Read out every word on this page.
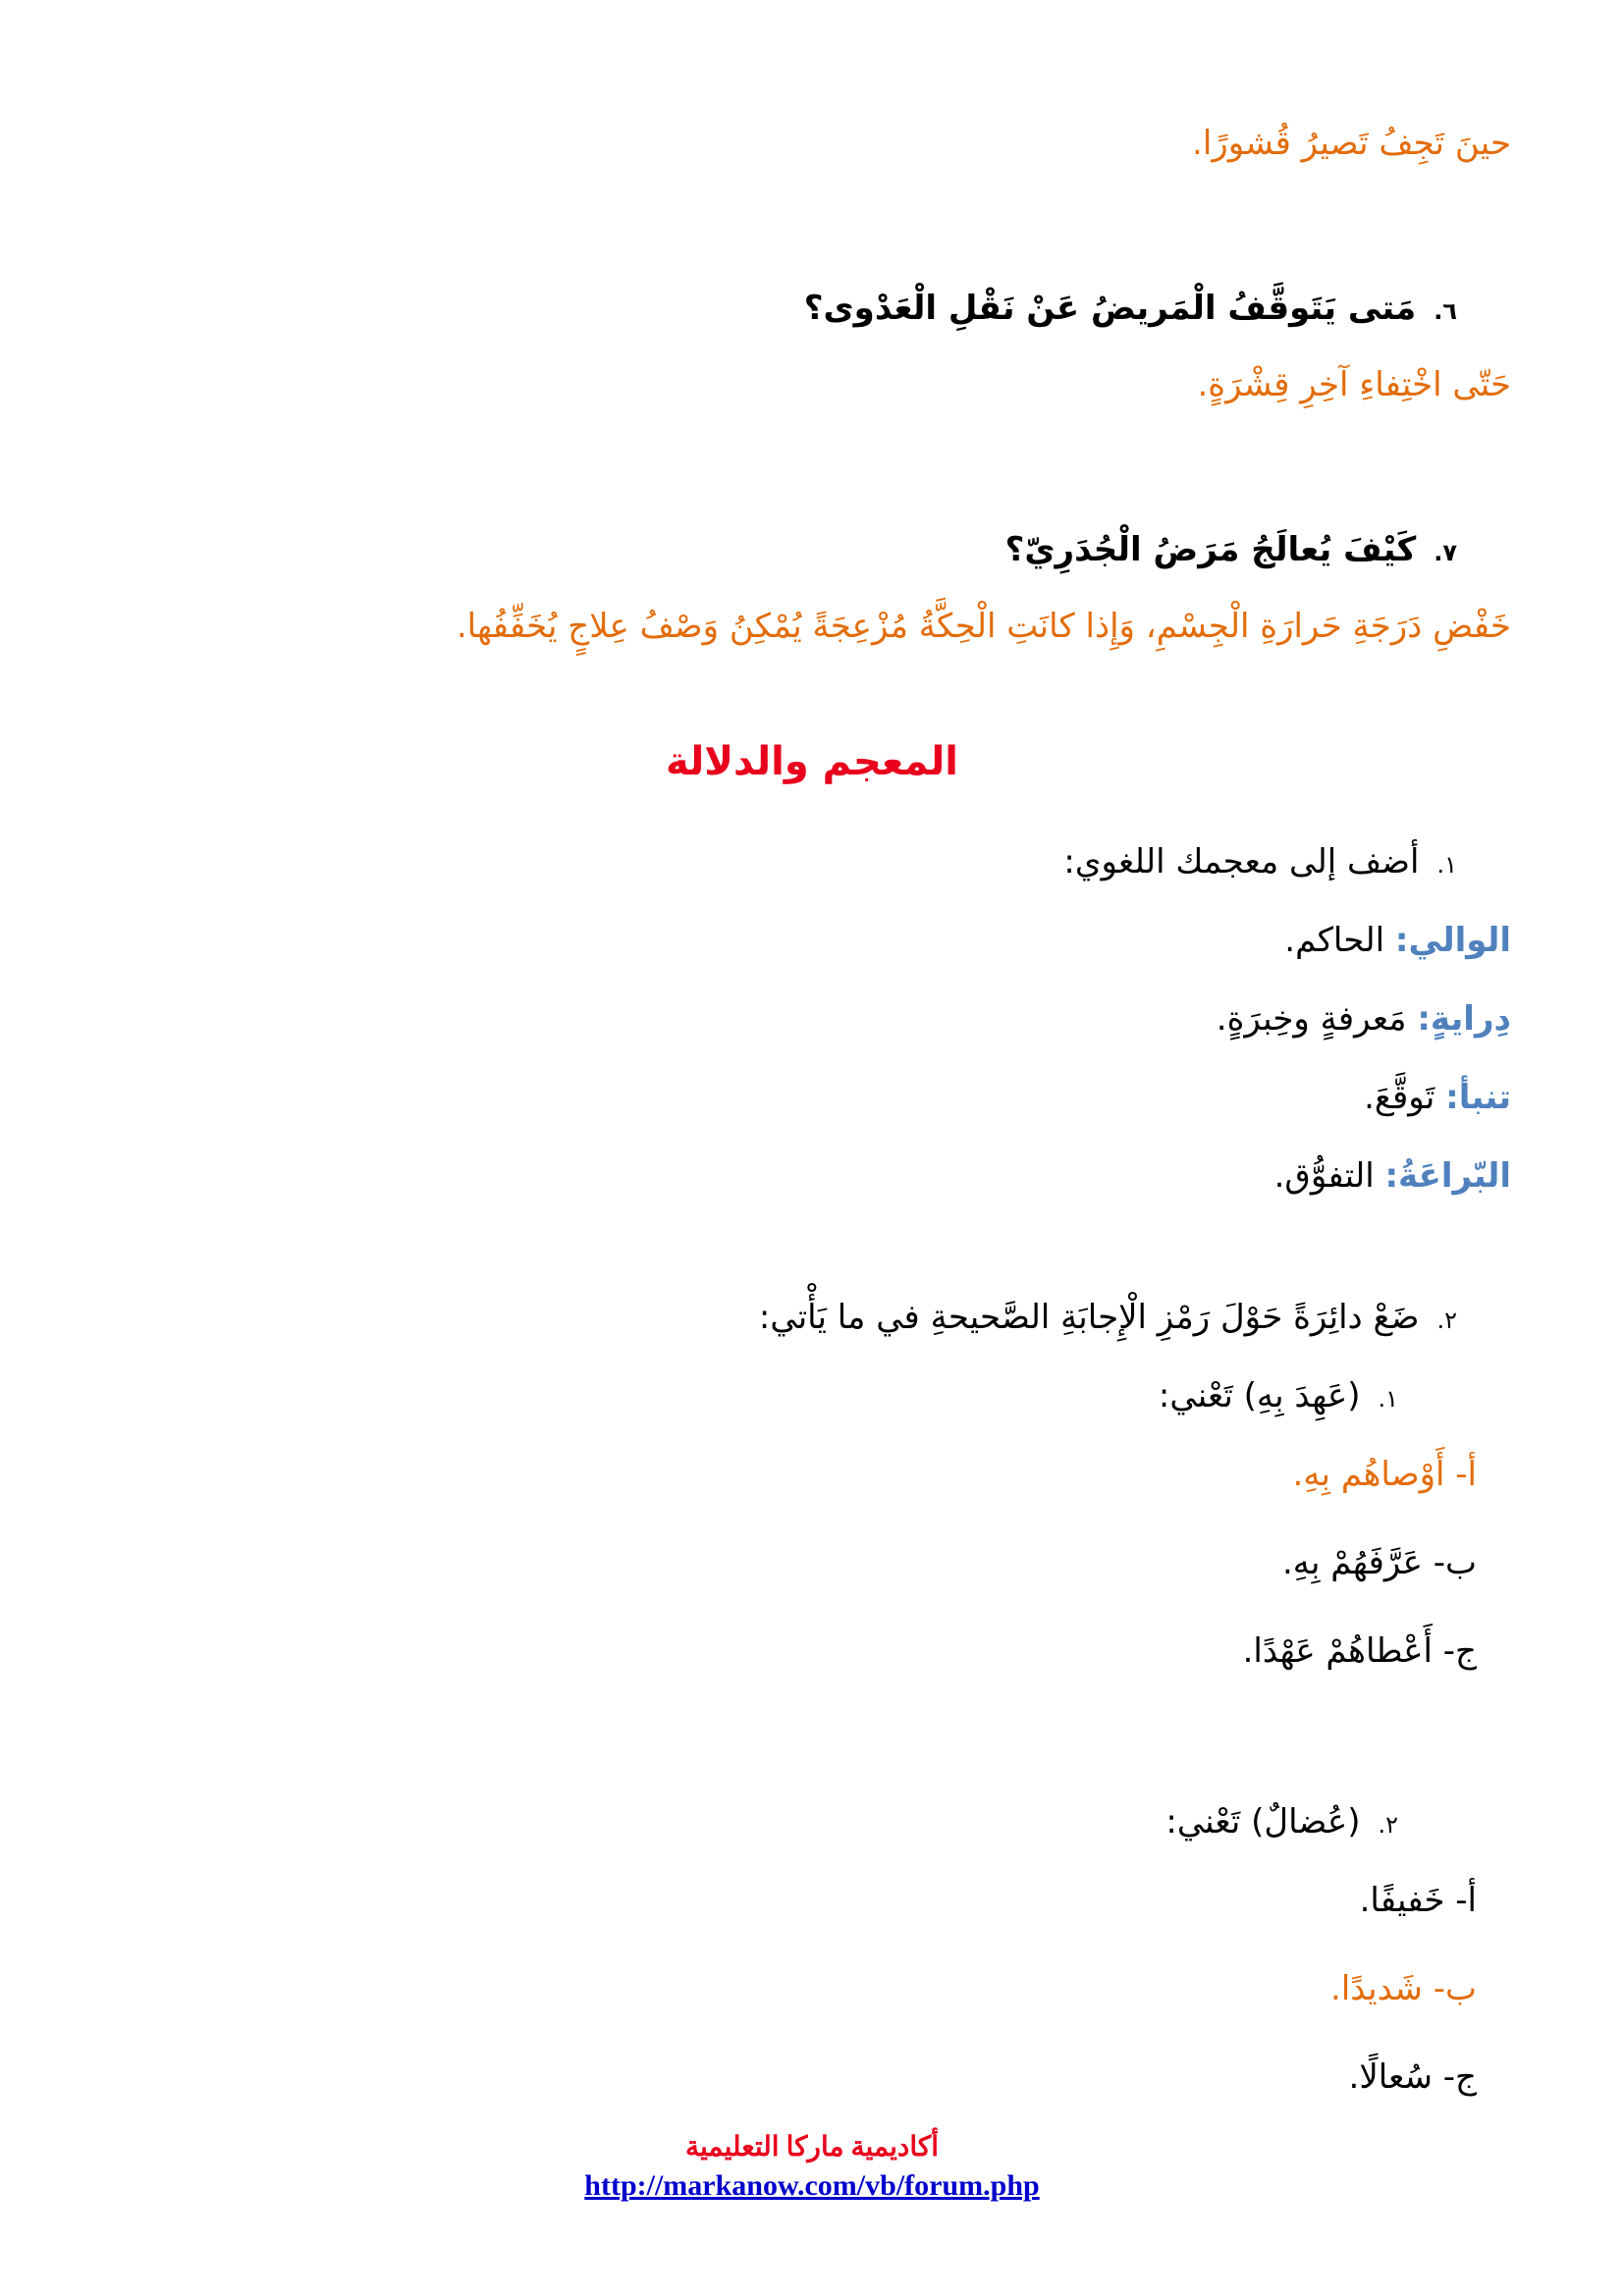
حينَ تَجِفُ تَصيرُ قُشورًا.
٦.مَتى يَتَوقَّفُ الْمَريضُ عَنْ نَقْلِ الْعَدْوى؟
حَتّى اخْتِفاءِ آخِرِ قِشْرَةٍ.
٧.كَيْفَ يُعالَجُ مَرَضُ الْجُدَرِيّ؟
خَفْضِ دَرَجَةِ حَرارَةِ الْجِسْمِ، وَإِذا كانَتِ الْحِكَّةُ مُزْعِجَةً يُمْكِنُ وَصْفُ عِلاجٍ يُخَفِّفُها.
المعجم والدلالة
١.أضف إلى معجمك اللغوي:
الوالي: الحاكم.
دِرايةٍ: مَعرفةٍ وخِبرَةٍ.
تنبأ: تَوقَّعَ.
البّراعَةُ: التفوُّق.
٢.ضَعْ دائِرَةً حَوْلَ رَمْزِ الْإِجابَةِ الصَّحيحةِ في ما يَأْتي:
١.(عَهِدَ بِهِ) تَعْني:
أ- أَوْصاهُم بِهِ.
ب- عَرَّفَهُمْ بِهِ.
ج- أَعْطاهُمْ عَهْدًا.
٢.(عُضالٌ) تَعْني:
أ- خَفيفًا.
ب- شَديدًا.
ج- سُعالًا.
أكاديمية ماركا التعليمية
http://markanow.com/vb/forum.php
